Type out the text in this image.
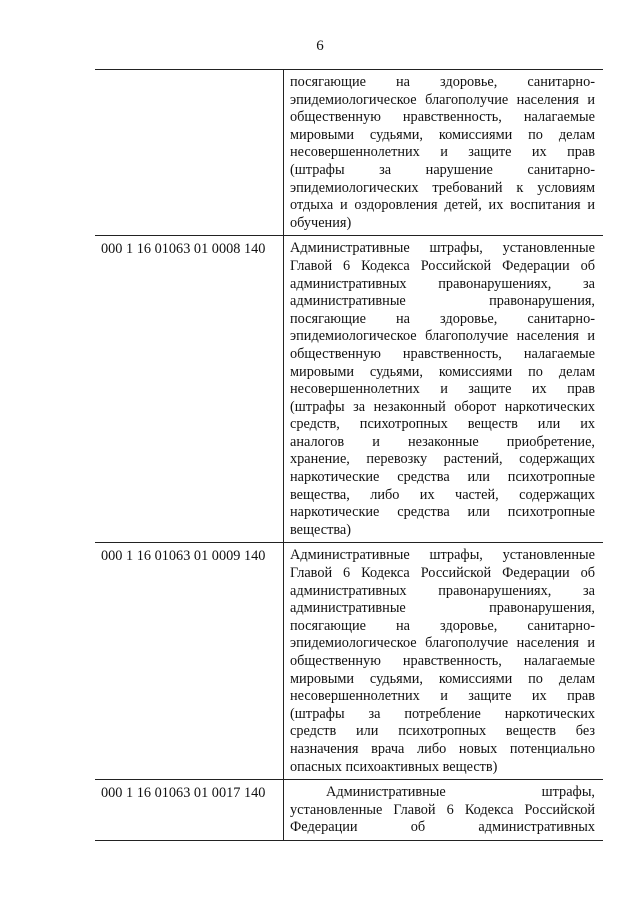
6
посягающие на здоровье, санитарно-
эпидемиологическое благополучие населения и
общественную нравственность, налагаемые
мировыми судьями, комиссиями по делам
несовершеннолетних и защите их прав
(штрафы за нарушение санитарно-
эпидемиологических требований к условиям
отдыха и оздоровления детей, их воспитания и
обучения)
000 1 16 01063 01 0008 140 Административные штрафы, установленные
Главой 6 Кодекса Российской Федерации об
административных правонарушениях, за
административные правонарушения,
посягающие на здоровье, санитарно-
эпидемиологическое благополучие населения и
общественную нравственность, налагаемые
мировыми судьями, комиссиями по делам
несовершеннолетних и защите их прав
(штрафы за незаконный оборот наркотических
средств, психотропных веществ или их
аналогов и незаконные приобретение,
хранение, перевозку растений, содержащих
наркотические средства или психотропные
вещества, либо их частей, содержащих
наркотические средства или психотропные
вещества)
000 1 16 01063 01 0009 140 Административные штрафы, установленные
Главой 6 Кодекса Российской Федерации об
административных правонарушениях, за
административные правонарушения,
посягающие на здоровье, санитарно-
эпидемиологическое благополучие населения и
общественную нравственность, налагаемые
мировыми судьями, комиссиями по делам
несовершеннолетних и защите их прав
(штрафы за потребление наркотических
средств или психотропных веществ без
назначения врача либо новых потенциально
опасных психоактивных веществ)
000 1 16 01063 01 0017 140	Административные штрафы,
установленные Главой 6 Кодекса Российской
Федерации об административных
